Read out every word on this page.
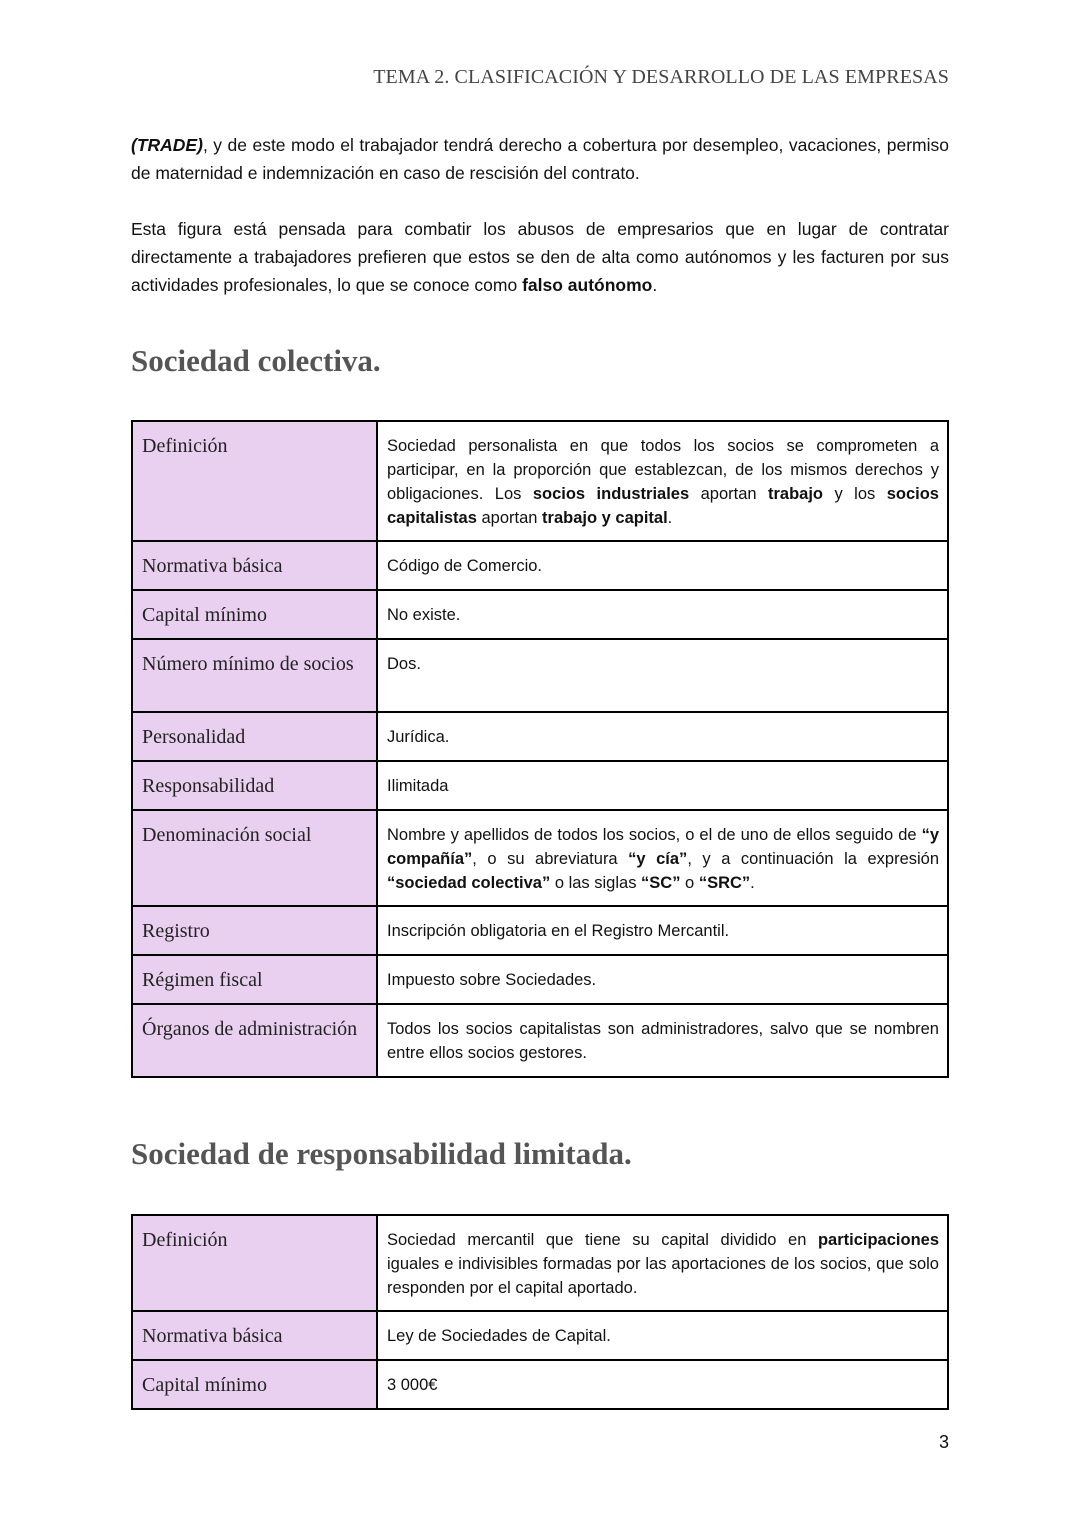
TEMA 2. CLASIFICACIÓN Y DESARROLLO DE LAS EMPRESAS

(TRADE), y de este modo el trabajador tendrá derecho a cobertura por desempleo, vacaciones, permiso de maternidad e indemnización en caso de rescisión del contrato.

Esta figura está pensada para combatir los abusos de empresarios que en lugar de contratar directamente a trabajadores prefieren que estos se den de alta como autónomos y les facturen por sus actividades profesionales, lo que se conoce como falso autónomo.

Sociedad colectiva.
Definición	Sociedad personalista en que todos los socios se comprometen a participar, en la proporción que establezcan, de los mismos derechos y obligaciones. Los socios industriales aportan trabajo y los socios capitalistas aportan trabajo y capital.
Normativa básica	Código de Comercio.
Capital mínimo	No existe.
Número mínimo de socios	Dos.
Personalidad	Jurídica.
Responsabilidad	Ilimitada
Denominación social	Nombre y apellidos de todos los socios, o el de uno de ellos seguido de “y compañía”, o su abreviatura “y cía”, y a continuación la expresión “sociedad colectiva” o las siglas “SC” o “SRC”.
Registro	Inscripción obligatoria en el Registro Mercantil.
Régimen fiscal	Impuesto sobre Sociedades.
Órganos de administración	Todos los socios capitalistas son administradores, salvo que se nombren entre ellos socios gestores.
Sociedad de responsabilidad limitada.
Definición	Sociedad mercantil que tiene su capital dividido en participaciones iguales e indivisibles formadas por las aportaciones de los socios, que solo responden por el capital aportado.
Normativa básica	Ley de Sociedades de Capital.
Capital mínimo	3 000€
3
